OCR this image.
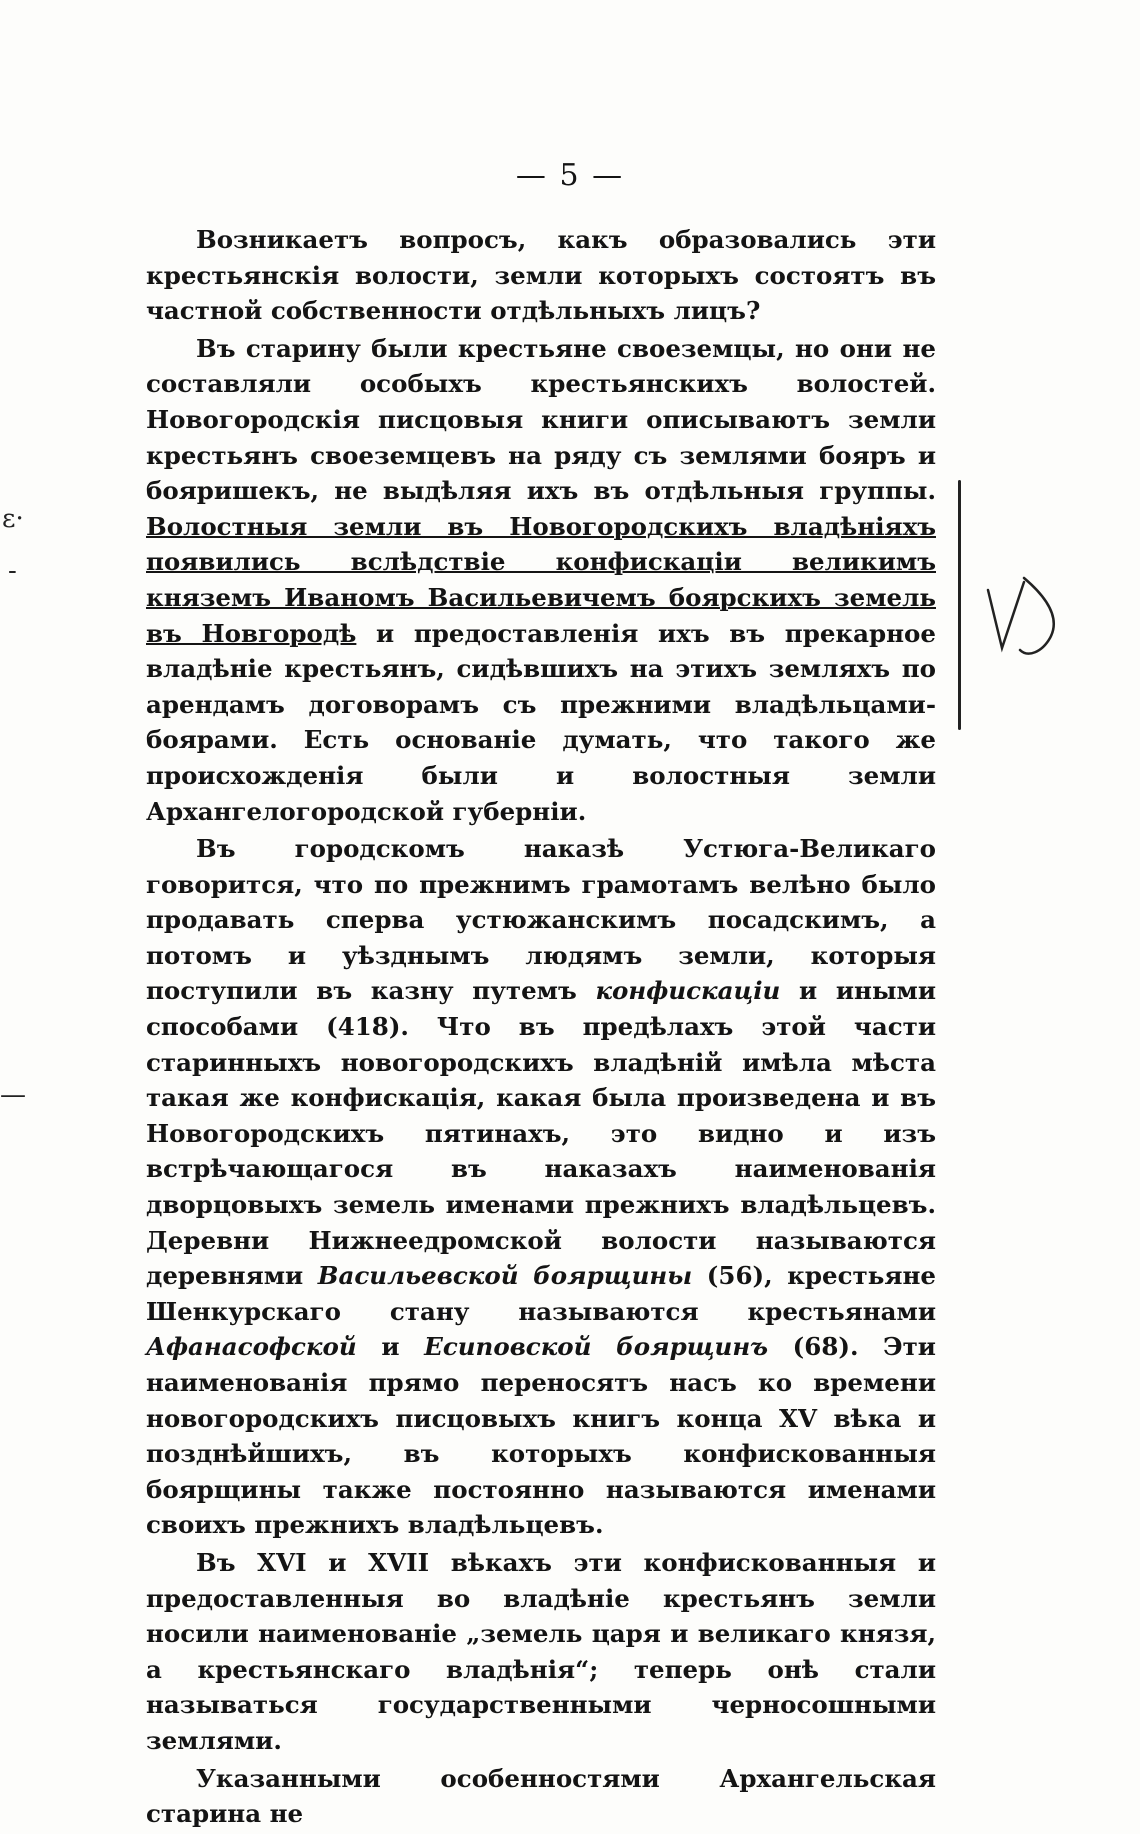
— 5 —

Возникаетъ вопросъ, какъ образовались эти крестьянскія волости, земли которыхъ состоятъ въ частной собственности отдѣльныхъ лицъ?

Въ старину были крестьяне своеземцы, но они не составляли особыхъ крестьянскихъ волостей. Новогородскія писцовыя книги описываютъ земли крестьянъ своеземцевъ на ряду съ землями бояръ и бояришекъ, не выдѣляя ихъ въ отдѣльныя группы. Волостныя земли въ Новогородскихъ владѣніяхъ появились вслѣдствіе конфискаціи великимъ княземъ Иваномъ Васильевичемъ боярскихъ земель въ Новгородѣ и предоставленія ихъ въ прекарное владѣніе крестьянъ, сидѣвшихъ на этихъ земляхъ по арендамъ договорамъ съ прежними владѣльцами-боярами. Есть основаніе думать, что такого же происхожденія были и волостныя земли Архангелогородской губерніи.

Въ городскомъ наказѣ Устюга-Великаго говорится, что по прежнимъ грамотамъ велѣно было продавать сперва устюжанскимъ посадскимъ, а потомъ и уѣзднымъ людямъ земли, которыя поступили въ казну путемъ конфискаціи и иными способами (418). Что въ предѣлахъ этой части старинныхъ новогородскихъ владѣній имѣла мѣста такая же конфискація, какая была произведена и въ Новогородскихъ пятинахъ, это видно и изъ встрѣчающагося въ наказахъ наименованія дворцовыхъ земель именами прежнихъ владѣльцевъ. Деревни Нижнеедромской волости называются деревнями Васильевской боярщины (56), крестьяне Шенкурскаго стану называются крестьянами Афанасофской и Есиповской боярщинъ (68). Эти наименованія прямо переносятъ насъ ко времени новогородскихъ писцовыхъ книгъ конца XV вѣка и позднѣйшихъ, въ которыхъ конфискованныя боярщины также постоянно называются именами своихъ прежнихъ владѣльцевъ.

Въ XVI и XVII вѣкахъ эти конфискованныя и предоставленныя во владѣніе крестьянъ земли носили наименованіе „земель царя и великаго князя, а крестьянскаго владѣнія“; теперь онѣ стали называться государственными черносошными землями.

Указанными особенностями Архангельская старина не

ɛ·
-
—
